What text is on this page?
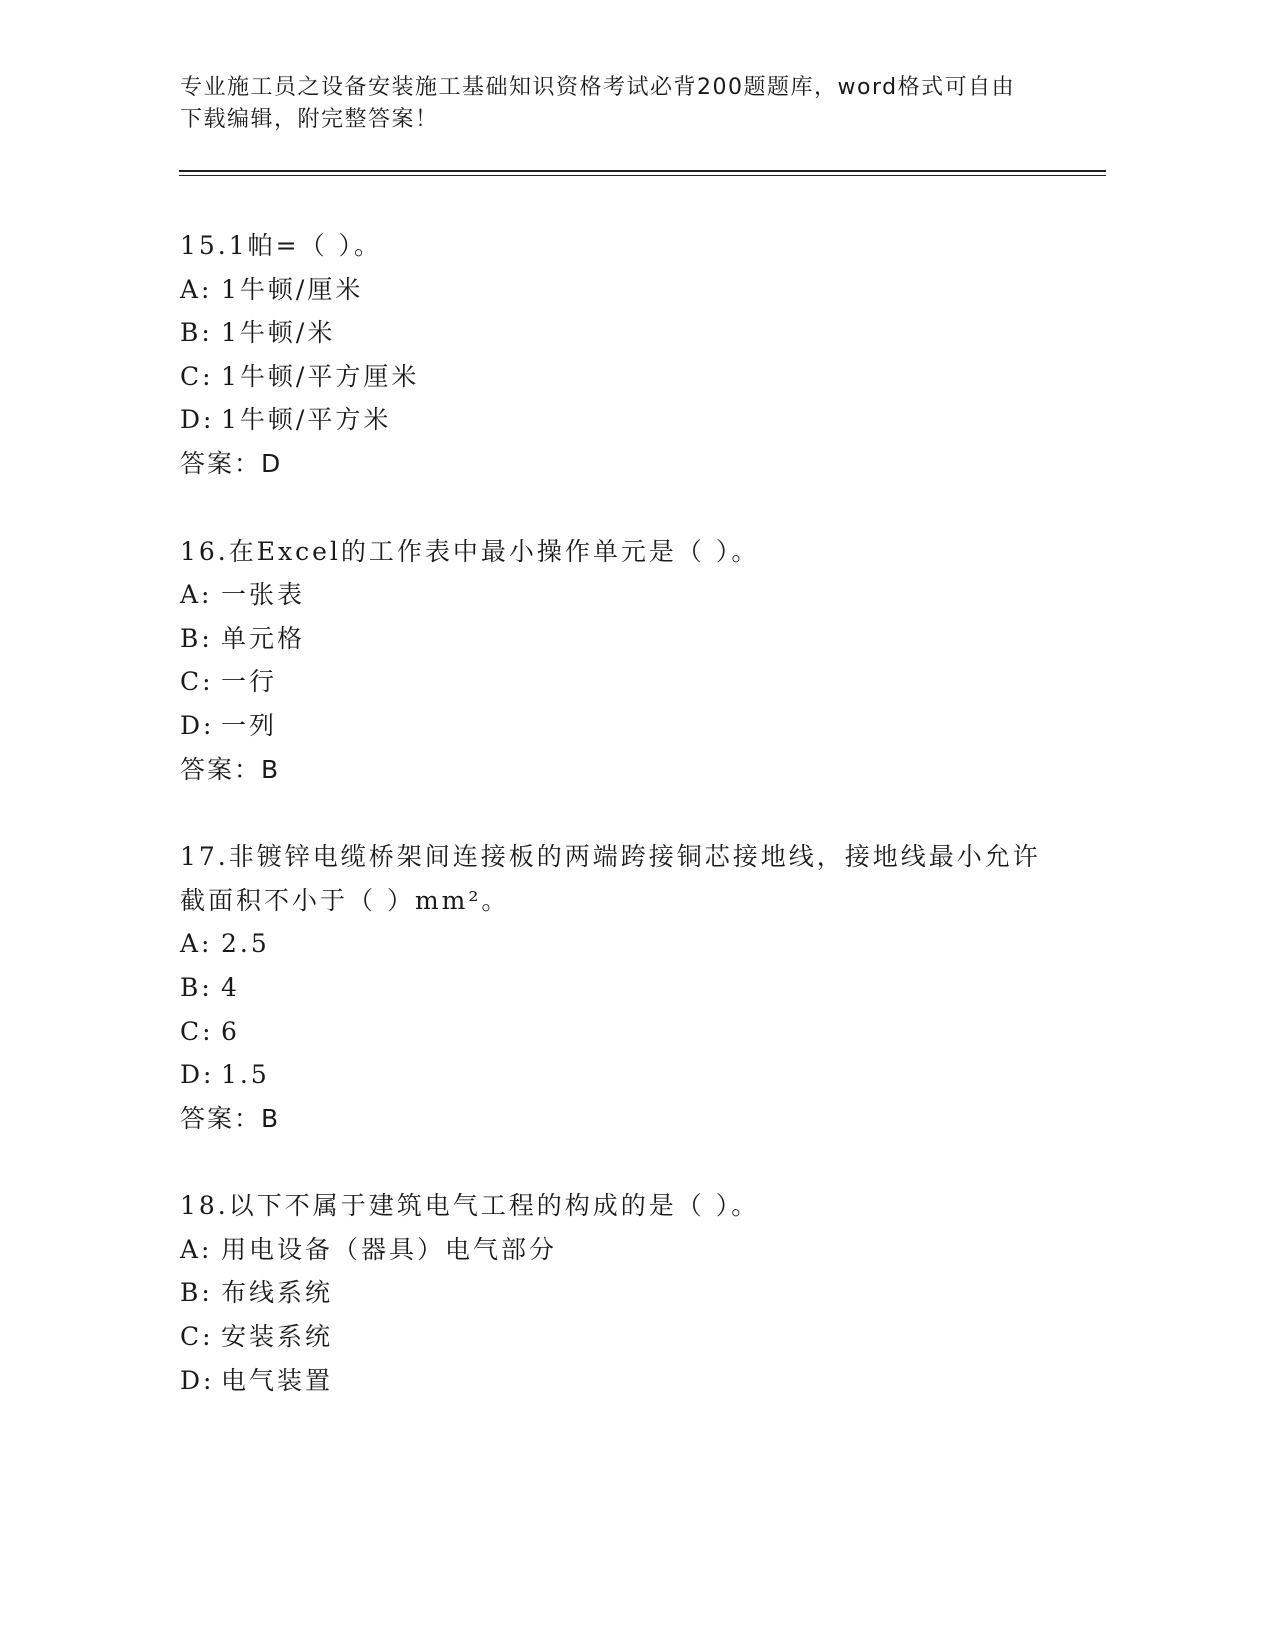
专业施工员之设备安装施工基础知识资格考试必背200题题库，word格式可自由
下载编辑，附完整答案！
15.1帕=（ ）。
A: 1牛顿/厘米
B: 1牛顿/米
C: 1牛顿/平方厘米
D: 1牛顿/平方米
答案：D
16.在Excel的工作表中最小操作单元是（ ）。
A: 一张表
B: 单元格
C: 一行
D: 一列
答案：B
17.非镀锌电缆桥架间连接板的两端跨接铜芯接地线，接地线最小允许
截面积不小于（ ）mm²。
A: 2.5
B: 4
C: 6
D: 1.5
答案：B
18.以下不属于建筑电气工程的构成的是（ ）。
A: 用电设备（器具）电气部分
B: 布线系统
C: 安装系统
D: 电气装置
